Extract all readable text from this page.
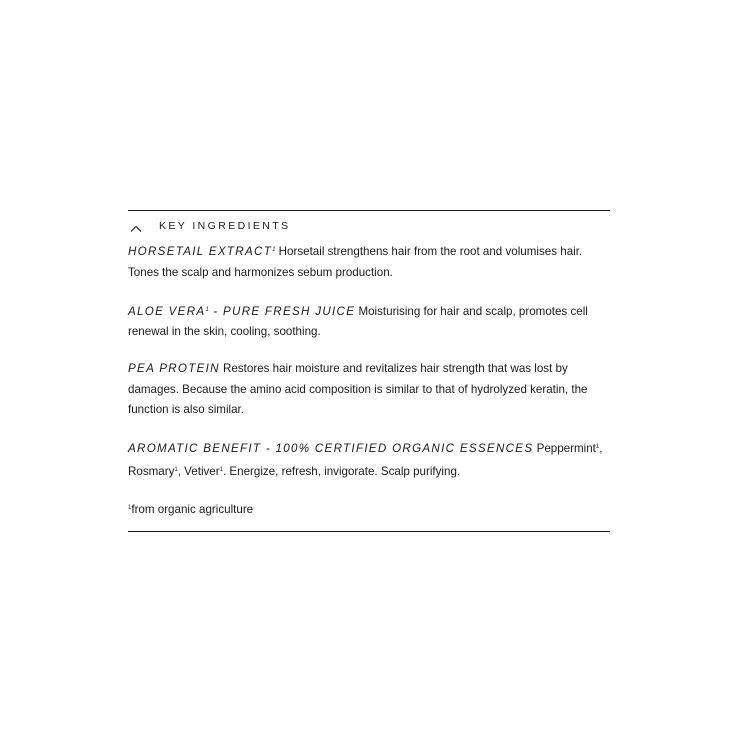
KEY INGREDIENTS

HORSETAIL EXTRACT$^1$ Horsetail strengthens hair from the root and volumises hair. Tones the scalp and harmonizes sebum production.

ALOE VERA$^1$ - PURE FRESH JUICE Moisturising for hair and scalp, promotes cell renewal in the skin, cooling, soothing.

PEA PROTEIN Restores hair moisture and revitalizes hair strength that was lost by damages. Because the amino acid composition is similar to that of hydrolyzed keratin, the function is also similar.

AROMATIC BENEFIT - 100% CERTIFIED ORGANIC ESSENCES Peppermint$^1$, Rosmary$^1$, Vetiver$^1$. Energize, refresh, invigorate. Scalp purifying.

$^1$from organic agriculture
